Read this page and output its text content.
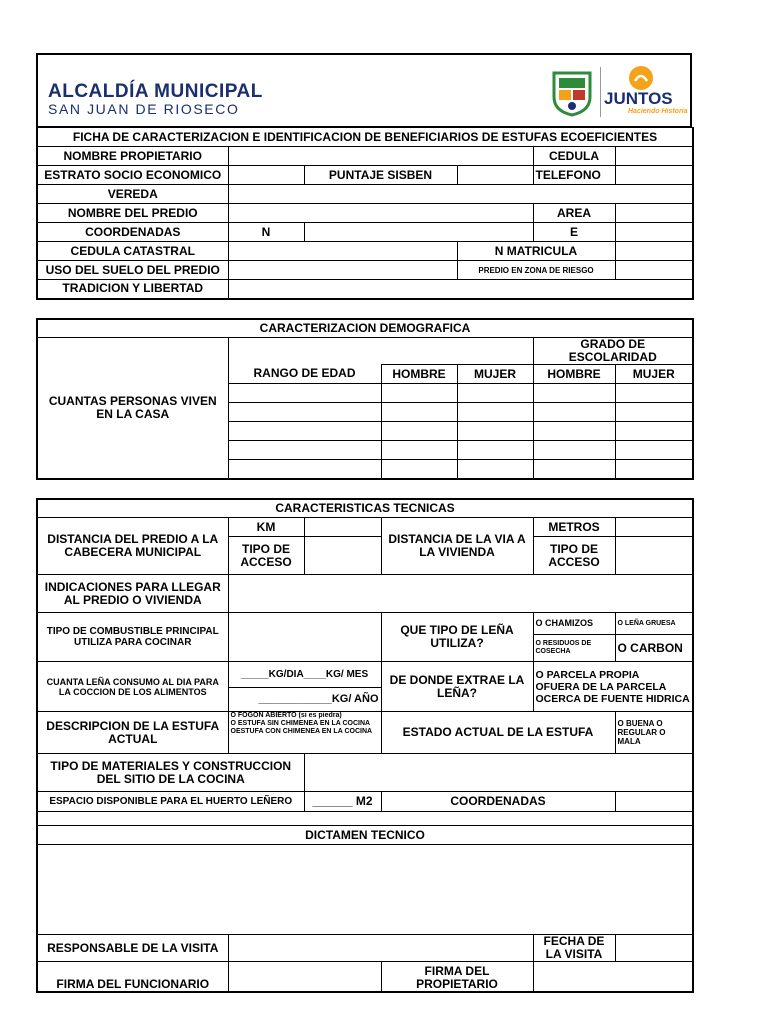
ALCALDÍA MUNICIPAL
SAN JUAN DE RIOSECO
JUNTOS
Haciendo Historia
FICHA DE CARACTERIZACION E IDENTIFICACION DE BENEFICIARIOS DE ESTUFAS ECOEFICIENTES					
NOMBRE PROPIETARIO				CEDULA	
ESTRATO SOCIO ECONOMICO		PUNTAJE SISBEN		TELEFONO	
VEREDA					
NOMBRE DEL PREDIO				AREA	
COORDENADAS	N			E	
CEDULA CATASTRAL			N MATRICULA		
USO DEL SUELO DEL PREDIO			PREDIO EN ZONA DE RIESGO		
TRADICION Y LIBERTAD					
CARACTERIZACION DEMOGRAFICA					
CUANTAS PERSONAS VIVEN EN LA CASA				GRADO DE ESCOLARIDAD	
	RANGO DE EDAD	HOMBRE	MUJER	HOMBRE	MUJER

CARACTERISTICAS TECNICAS					
DISTANCIA DEL PREDIO A LA CABECERA MUNICIPAL	KM		DISTANCIA DE LA VIA A LA VIVIENDA	METROS	
	TIPO DE ACCESO			TIPO DE ACCESO	
INDICACIONES PARA LLEGAR AL PREDIO O VIVIENDA					
TIPO DE COMBUSTIBLE PRINCIPAL UTILIZA PARA COCINAR			QUE TIPO DE LEÑA UTILIZA?	O CHAMIZOS	O LEÑA GRUESA
				O RESIDUOS DE COSECHA	O CARBON
CUANTA LEÑA CONSUMO AL DIA PARA LA COCCION DE LOS ALIMENTOS	_____KG/DIA____KG/ MES		DE DONDE EXTRAE LA LEÑA?	O PARCELA PROPIA
OFUERA DE LA PARCELA
OCERCA DE FUENTE HIDRICA	

	____________KG/ AÑO				
DESCRIPCION DE LA ESTUFA ACTUAL	O FOGON ABIERTO (si es piedra)
O ESTUFA SIN CHIMENEA EN LA COCINA
OESTUFA CON CHIMENEA EN LA COCINA		ESTADO ACTUAL DE LA ESTUFA		O BUENA O REGULAR O MALA
TIPO DE MATERIALES Y CONSTRUCCION DEL SITIO DE LA COCINA					
ESPACIO DISPONIBLE PARA EL HUERTO LEÑERO		______ M2	COORDENADAS		

DICTAMEN TECNICO					

RESPONSABLE DE LA VISITA				FECHA DE LA VISITA	
FIRMA DEL FUNCIONARIO			FIRMA DEL PROPIETARIO		
